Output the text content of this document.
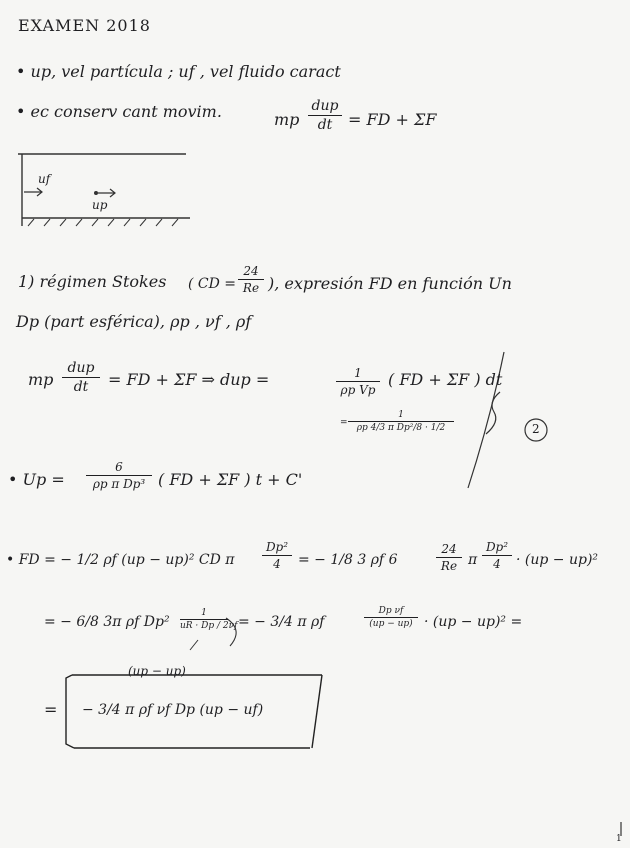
EXAMEN 2018
• up, vel partícula ; uf , vel fluido caract
• ec conserv cant movim.	mp
dup
dt = FD + ΣF
uf
up
1) régimen Stokes ( CD =
24
Re ), expresión FD en función Un
Dp (part esférica), ρp , νf , ρf
mp
dup
dt	= FD + ΣF ⇒ dup =	1
ρp Vp
( FD + ΣF ) dt
=
1
ρp 4/3 π Dp²/8 · 1/2	2
• Up =
6
ρp π Dp³ ( FD + ΣF ) t + C'
• FD = − 1/2 ρf (up − up)² CD π
Dp²
4	= − 1/8 3 ρf 6
24
Re π
Dp²
4	· (up − up)²
= − 6/8 3π ρf Dp²
1
uR · Dp / 2νf = − 3/4 π ρf
Dp νf
(up − up) · (up − up)² =
(up − up)
= − 3/4 π ρf νf Dp (up − uf)
1
